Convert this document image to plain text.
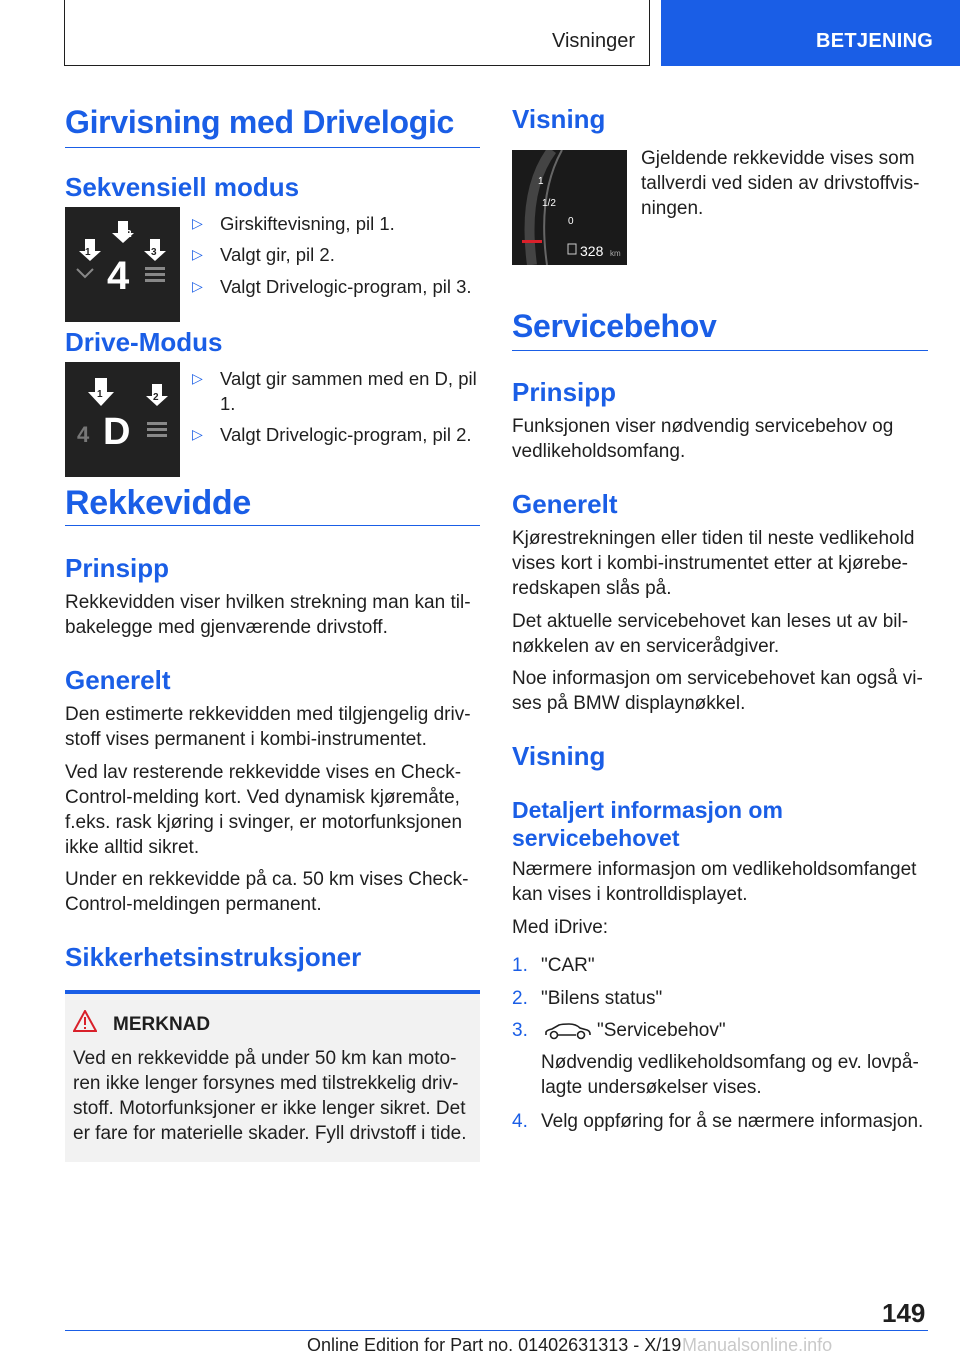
Visninger	BETJENING
Girvisning med Drivelogic
Sekvensiell modus
1
2
3
4
▷ Girskiftevisning, pil 1.
▷ Valgt gir, pil 2.
▷ Valgt Drivelogic-program, pil 3.
Drive-Modus
1	2
4 D
▷ Valgt gir sammen med en D, pil 1.
▷ Valgt Drivelogic-program, pil 2.
Rekkevidde
Prinsipp
Rekkevidden viser hvilken strekning man kan tilbakelegge med gjenværende drivstoff.
Generelt
Den estimerte rekkevidden med tilgjengelig drivstoff vises permanent i kombi-instrumentet.
Ved lav resterende rekkevidde vises en Check-Control-melding kort. Ved dynamisk kjøremåte, f.eks. rask kjøring i svinger, er motorfunksjonen ikke alltid sikret.
Under en rekkevidde på ca. 50 km vises Check-Control-meldingen permanent.
Sikkerhetsinstruksjoner
MERKNAD
Ved en rekkevidde på under 50 km kan motoren ikke lenger forsynes med tilstrekkelig drivstoff. Motorfunksjoner er ikke lenger sikret. Det er fare for materielle skader. Fyll drivstoff i tide.
Visning
1
1/2
0
328 km
Gjeldende rekkevidde vises som tallverdi ved siden av drivstoffvisningen.
Servicebehov
Prinsipp
Funksjonen viser nødvendig servicebehov og vedlikeholdsomfang.
Generelt
Kjørestrekningen eller tiden til neste vedlikehold vises kort i kombi-instrumentet etter at kjøreberedskapen slås på.
Det aktuelle servicebehovet kan leses ut av bilnøkkelen av en servicerådgiver.
Noe informasjon om servicebehovet kan også vises på BMW displaynøkkel.
Visning
Detaljert informasjon om servicebehovet
Nærmere informasjon om vedlikeholdsomfanget kan vises i kontrolldisplayet.
Med iDrive:
1. "CAR"
2. "Bilens status"
3.	"Servicebehov"
Nødvendig vedlikeholdsomfang og ev. lovpålagte undersøkelser vises.
4. Velg oppføring for å se nærmere informasjon.
149
Online Edition for Part no. 01402631313 - X/19 Manualsonline.info
